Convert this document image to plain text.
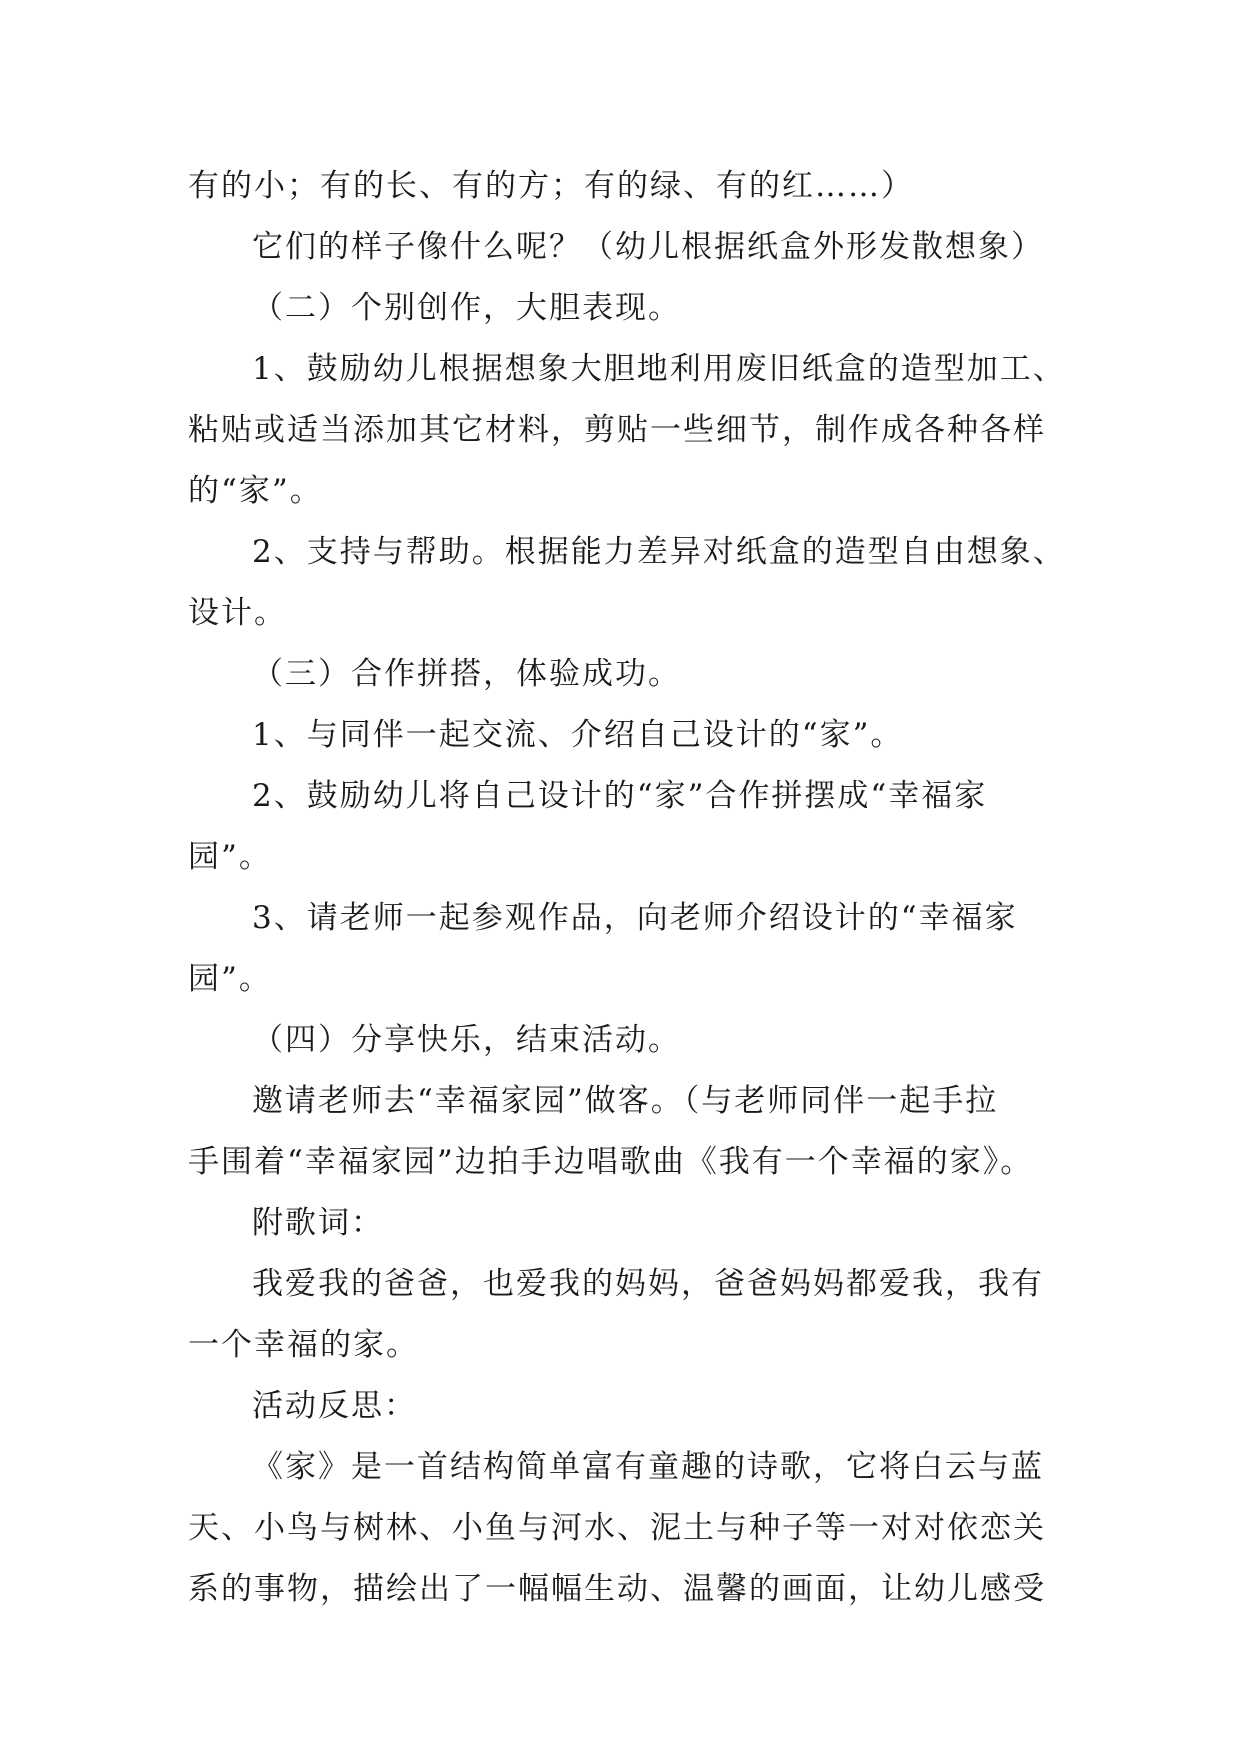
有的小；有的长、有的方；有的绿、有的红……）
它们的样子像什么呢？（幼儿根据纸盒外形发散想象）
（二）个别创作，大胆表现。
1、鼓励幼儿根据想象大胆地利用废旧纸盒的造型加工、
粘贴或适当添加其它材料，剪贴一些细节，制作成各种各样
的“家”。
2、支持与帮助。根据能力差异对纸盒的造型自由想象、
设计。
（三）合作拼搭，体验成功。
1、与同伴一起交流、介绍自己设计的“家”。
2、鼓励幼儿将自己设计的“家”合作拼摆成“幸福家
园”。
3、请老师一起参观作品，向老师介绍设计的“幸福家
园”。
（四）分享快乐，结束活动。
邀请老师去“幸福家园”做客。（与老师同伴一起手拉
手围着“幸福家园”边拍手边唱歌曲《我有一个幸福的家》。
附歌词：
我爱我的爸爸，也爱我的妈妈，爸爸妈妈都爱我，我有
一个幸福的家。
活动反思：
《家》是一首结构简单富有童趣的诗歌，它将白云与蓝
天、小鸟与树林、小鱼与河水、泥土与种子等一对对依恋关
系的事物，描绘出了一幅幅生动、温馨的画面，让幼儿感受
